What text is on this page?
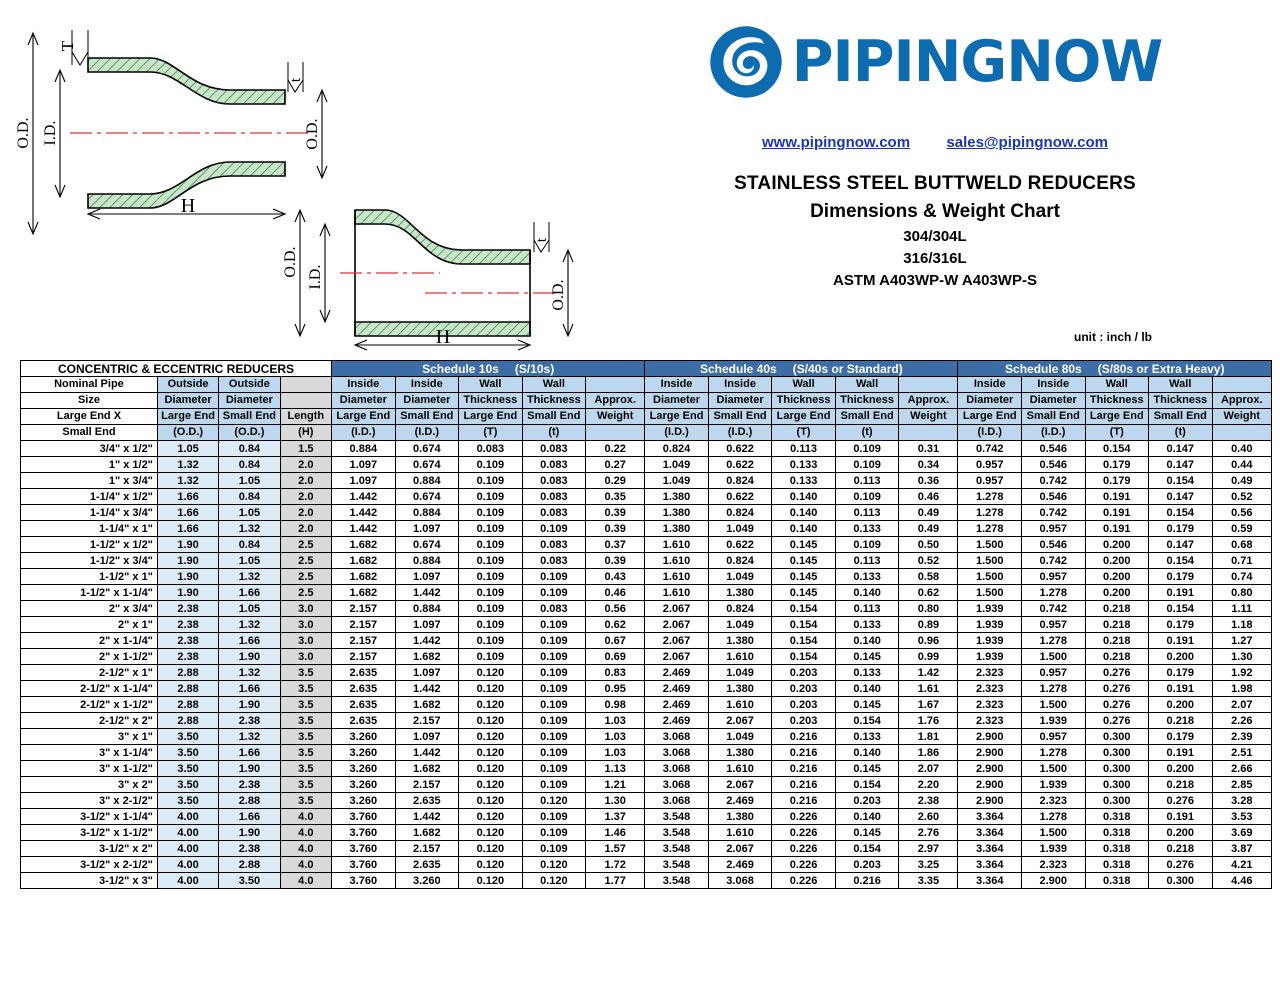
T
t
O.D. I.D.	O.D.
H
t
O.D. I.D.
O.D.
H
PIPINGNOW
www.pipingnow.com sales@pipingnow.com
STAINLESS STEEL BUTTWELD REDUCERS
Dimensions & Weight Chart
304/304L
316/316L
ASTM A403WP-W A403WP-S
unit : inch / lb
CONCENTRIC & ECCENTRIC REDUCERS				Schedule 10s (S/10s)					Schedule 40s (S/40s or Standard)					Schedule 80s (S/80s or Extra Heavy)				
Nominal Pipe	Outside	Outside		Inside	Inside	Wall	Wall		Inside	Inside	Wall	Wall		Inside	Inside	Wall	Wall	
Size	Diameter	Diameter		Diameter	Diameter	Thickness	Thickness	Approx.	Diameter	Diameter	Thickness	Thickness	Approx.	Diameter	Diameter	Thickness	Thickness	Approx.
Large End X	Large End	Small End	Length	Large End	Small End	Large End	Small End	Weight	Large End	Small End	Large End	Small End	Weight	Large End	Small End	Large End	Small End	Weight
Small End	(O.D.)	(O.D.)	(H)	(I.D.)	(I.D.)	(T)	(t)		(I.D.)	(I.D.)	(T)	(t)		(I.D.)	(I.D.)	(T)	(t)	
3/4" x 1/2"	1.05	0.84	1.5	0.884	0.674	0.083	0.083	0.22	0.824	0.622	0.113	0.109	0.31	0.742	0.546	0.154	0.147	0.40
1" x 1/2"	1.32	0.84	2.0	1.097	0.674	0.109	0.083	0.27	1.049	0.622	0.133	0.109	0.34	0.957	0.546	0.179	0.147	0.44
1" x 3/4"	1.32	1.05	2.0	1.097	0.884	0.109	0.083	0.29	1.049	0.824	0.133	0.113	0.36	0.957	0.742	0.179	0.154	0.49
1-1/4" x 1/2"	1.66	0.84	2.0	1.442	0.674	0.109	0.083	0.35	1.380	0.622	0.140	0.109	0.46	1.278	0.546	0.191	0.147	0.52
1-1/4" x 3/4"	1.66	1.05	2.0	1.442	0.884	0.109	0.083	0.39	1.380	0.824	0.140	0.113	0.49	1.278	0.742	0.191	0.154	0.56
1-1/4" x 1"	1.66	1.32	2.0	1.442	1.097	0.109	0.109	0.39	1.380	1.049	0.140	0.133	0.49	1.278	0.957	0.191	0.179	0.59
1-1/2" x 1/2"	1.90	0.84	2.5	1.682	0.674	0.109	0.083	0.37	1.610	0.622	0.145	0.109	0.50	1.500	0.546	0.200	0.147	0.68
1-1/2" x 3/4"	1.90	1.05	2.5	1.682	0.884	0.109	0.083	0.39	1.610	0.824	0.145	0.113	0.52	1.500	0.742	0.200	0.154	0.71
1-1/2" x 1"	1.90	1.32	2.5	1.682	1.097	0.109	0.109	0.43	1.610	1.049	0.145	0.133	0.58	1.500	0.957	0.200	0.179	0.74
1-1/2" x 1-1/4"	1.90	1.66	2.5	1.682	1.442	0.109	0.109	0.46	1.610	1.380	0.145	0.140	0.62	1.500	1.278	0.200	0.191	0.80
2" x 3/4"	2.38	1.05	3.0	2.157	0.884	0.109	0.083	0.56	2.067	0.824	0.154	0.113	0.80	1.939	0.742	0.218	0.154	1.11
2" x 1"	2.38	1.32	3.0	2.157	1.097	0.109	0.109	0.62	2.067	1.049	0.154	0.133	0.89	1.939	0.957	0.218	0.179	1.18
2" x 1-1/4"	2.38	1.66	3.0	2.157	1.442	0.109	0.109	0.67	2.067	1.380	0.154	0.140	0.96	1.939	1.278	0.218	0.191	1.27
2" x 1-1/2"	2.38	1.90	3.0	2.157	1.682	0.109	0.109	0.69	2.067	1.610	0.154	0.145	0.99	1.939	1.500	0.218	0.200	1.30
2-1/2" x 1"	2.88	1.32	3.5	2.635	1.097	0.120	0.109	0.83	2.469	1.049	0.203	0.133	1.42	2.323	0.957	0.276	0.179	1.92
2-1/2" x 1-1/4"	2.88	1.66	3.5	2.635	1.442	0.120	0.109	0.95	2.469	1.380	0.203	0.140	1.61	2.323	1.278	0.276	0.191	1.98
2-1/2" x 1-1/2"	2.88	1.90	3.5	2.635	1.682	0.120	0.109	0.98	2.469	1.610	0.203	0.145	1.67	2.323	1.500	0.276	0.200	2.07
2-1/2" x 2"	2.88	2.38	3.5	2.635	2.157	0.120	0.109	1.03	2.469	2.067	0.203	0.154	1.76	2.323	1.939	0.276	0.218	2.26
3" x 1"	3.50	1.32	3.5	3.260	1.097	0.120	0.109	1.03	3.068	1.049	0.216	0.133	1.81	2.900	0.957	0.300	0.179	2.39
3" x 1-1/4"	3.50	1.66	3.5	3.260	1.442	0.120	0.109	1.03	3.068	1.380	0.216	0.140	1.86	2.900	1.278	0.300	0.191	2.51
3" x 1-1/2"	3.50	1.90	3.5	3.260	1.682	0.120	0.109	1.13	3.068	1.610	0.216	0.145	2.07	2.900	1.500	0.300	0.200	2.66
3" x 2"	3.50	2.38	3.5	3.260	2.157	0.120	0.109	1.21	3.068	2.067	0.216	0.154	2.20	2.900	1.939	0.300	0.218	2.85
3" x 2-1/2"	3.50	2.88	3.5	3.260	2.635	0.120	0.120	1.30	3.068	2.469	0.216	0.203	2.38	2.900	2.323	0.300	0.276	3.28
3-1/2" x 1-1/4"	4.00	1.66	4.0	3.760	1.442	0.120	0.109	1.37	3.548	1.380	0.226	0.140	2.60	3.364	1.278	0.318	0.191	3.53
3-1/2" x 1-1/2"	4.00	1.90	4.0	3.760	1.682	0.120	0.109	1.46	3.548	1.610	0.226	0.145	2.76	3.364	1.500	0.318	0.200	3.69
3-1/2" x 2"	4.00	2.38	4.0	3.760	2.157	0.120	0.109	1.57	3.548	2.067	0.226	0.154	2.97	3.364	1.939	0.318	0.218	3.87
3-1/2" x 2-1/2"	4.00	2.88	4.0	3.760	2.635	0.120	0.120	1.72	3.548	2.469	0.226	0.203	3.25	3.364	2.323	0.318	0.276	4.21
3-1/2" x 3"	4.00	3.50	4.0	3.760	3.260	0.120	0.120	1.77	3.548	3.068	0.226	0.216	3.35	3.364	2.900	0.318	0.300	4.46
